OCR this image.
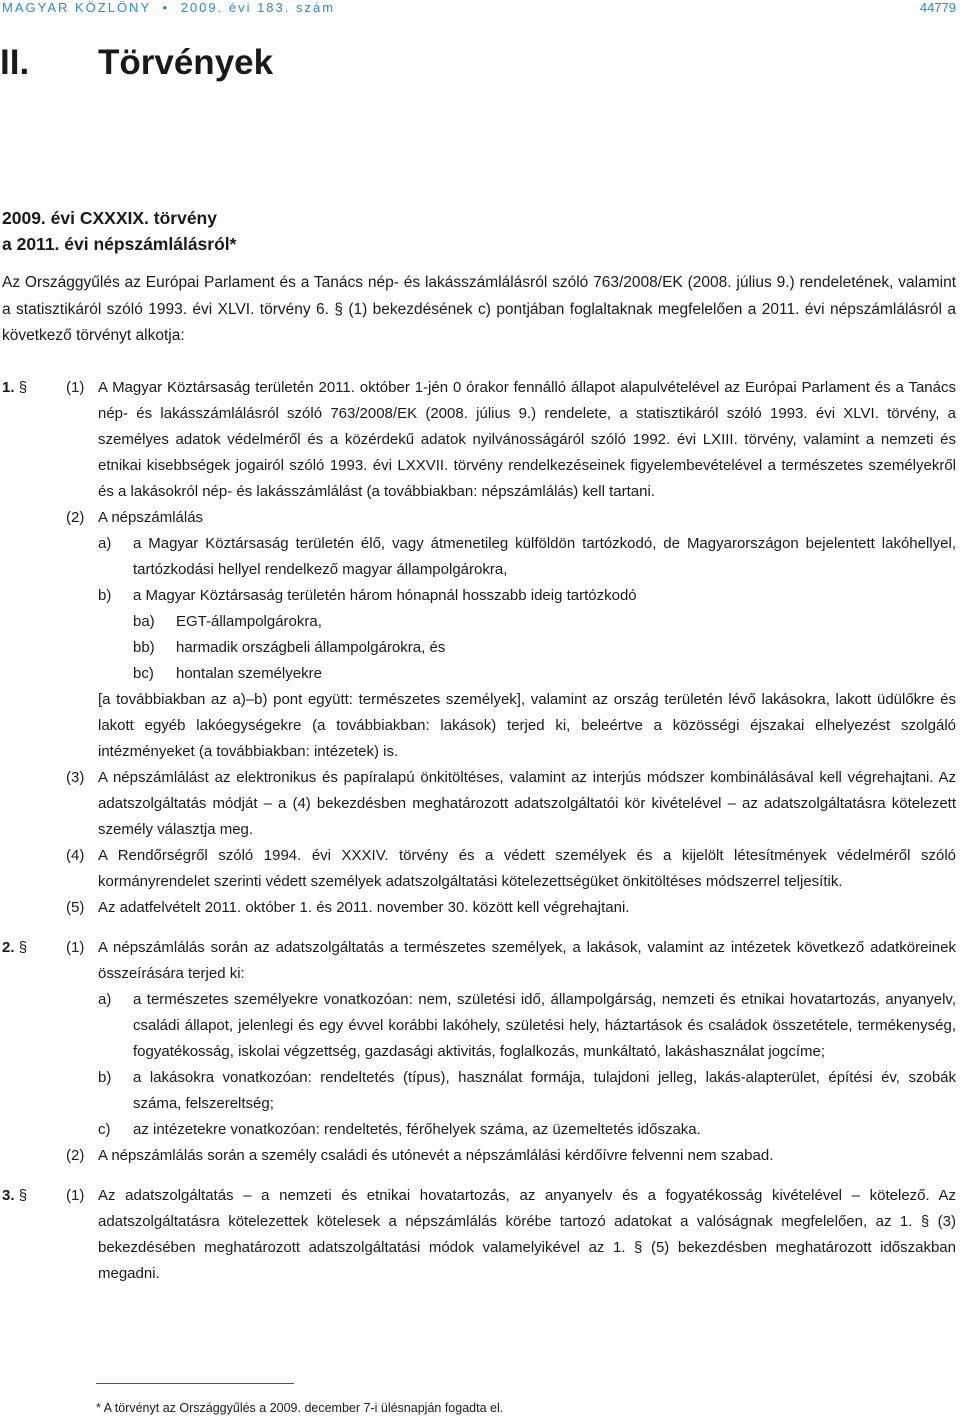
MAGYAR KÖZLÖNY • 2009. évi 183. szám	44779
II. Törvények
2009. évi CXXXIX. törvény
a 2011. évi népszámlálásról*
Az Országgyűlés az Európai Parlament és a Tanács nép- és lakásszámlálásról szóló 763/2008/EK (2008. július 9.) rendeletének, valamint a statisztikáról szóló 1993. évi XLVI. törvény 6. § (1) bekezdésének c) pontjában foglaltaknak megfelelően a 2011. évi népszámlálásról a következő törvényt alkotja:
1. §	(1) A Magyar Köztársaság területén 2011. október 1-jén 0 órakor fennálló állapot alapulvételével az Európai Parlament és a Tanács nép- és lakásszámlálásról szóló 763/2008/EK (2008. július 9.) rendelete, a statisztikáról szóló 1993. évi XLVI. törvény, a személyes adatok védelméről és a közérdekű adatok nyilvánosságáról szóló 1992. évi LXIII. törvény, valamint a nemzeti és etnikai kisebbségek jogairól szóló 1993. évi LXXVII. törvény rendelkezéseinek figyelembevételével a természetes személyekről és a lakásokról nép- és lakásszámlálást (a továbbiakban: népszámlálás) kell tartani.
(2) A népszámlálás
a) a Magyar Köztársaság területén élő, vagy átmenetileg külföldön tartózkodó, de Magyarországon bejelentett lakóhellyel, tartózkodási hellyel rendelkező magyar állampolgárokra,
b) a Magyar Köztársaság területén három hónapnál hosszabb ideig tartózkodó
ba) EGT-állampolgárokra,
bb) harmadik országbeli állampolgárokra, és
bc) hontalan személyekre
[a továbbiakban az a)–b) pont együtt: természetes személyek], valamint az ország területén lévő lakásokra, lakott üdülőkre és lakott egyéb lakóegységekre (a továbbiakban: lakások) terjed ki, beleértve a közösségi éjszakai elhelyezést szolgáló intézményeket (a továbbiakban: intézetek) is.
(3) A népszámlálást az elektronikus és papíralapú önkitöltéses, valamint az interjús módszer kombinálásával kell végrehajtani. Az adatszolgáltatás módját – a (4) bekezdésben meghatározott adatszolgáltatói kör kivételével – az adatszolgáltatásra kötelezett személy választja meg.
(4) A Rendőrségről szóló 1994. évi XXXIV. törvény és a védett személyek és a kijelölt létesítmények védelméről szóló kormányrendelet szerinti védett személyek adatszolgáltatási kötelezettségüket önkitöltéses módszerrel teljesítik.
(5) Az adatfelvételt 2011. október 1. és 2011. november 30. között kell végrehajtani.
2. §	(1) A népszámlálás során az adatszolgáltatás a természetes személyek, a lakások, valamint az intézetek következő adatköreinek összeírására terjed ki:
a) a természetes személyekre vonatkozóan: nem, születési idő, állampolgárság, nemzeti és etnikai hovatartozás, anyanyelv, családi állapot, jelenlegi és egy évvel korábbi lakóhely, születési hely, háztartások és családok összetétele, termékenység, fogyatékosság, iskolai végzettség, gazdasági aktivitás, foglalkozás, munkáltató, lakáshasználat jogcíme;
b) a lakásokra vonatkozóan: rendeltetés (típus), használat formája, tulajdoni jelleg, lakás-alapterület, építési év, szobák száma, felszereltség;
c) az intézetekre vonatkozóan: rendeltetés, férőhelyek száma, az üzemeltetés időszaka.
(2) A népszámlálás során a személy családi és utónevét a népszámlálási kérdőívre felvenni nem szabad.
3. §	(1) Az adatszolgáltatás – a nemzeti és etnikai hovatartozás, az anyanyelv és a fogyatékosság kivételével – kötelező. Az adatszolgáltatásra kötelezettek kötelesek a népszámlálás körébe tartozó adatokat a valóságnak megfelelően, az 1. § (3) bekezdésében meghatározott adatszolgáltatási módok valamelyikével az 1. § (5) bekezdésben meghatározott időszakban megadni.
* A törvényt az Országgyűlés a 2009. december 7-i ülésnapján fogadta el.
